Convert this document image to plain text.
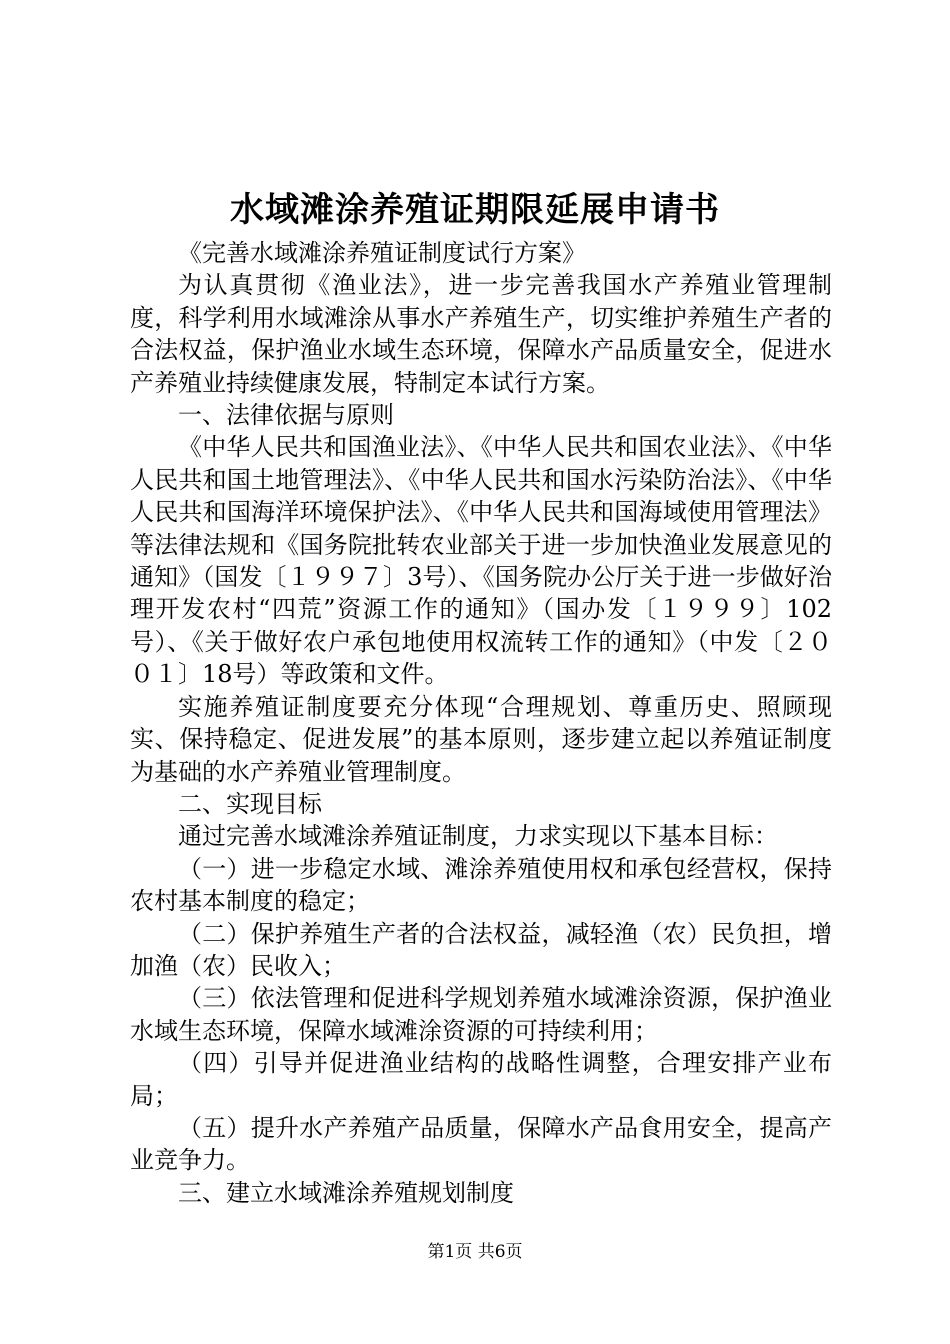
水域滩涂养殖证期限延展申请书

《完善水域滩涂养殖证制度试行方案》

为认真贯彻《渔业法》，进一步完善我国水产养殖业管理制度，科学利用水域滩涂从事水产养殖生产，切实维护养殖生产者的合法权益，保护渔业水域生态环境，保障水产品质量安全，促进水产养殖业持续健康发展，特制定本试行方案。

一、法律依据与原则

《中华人民共和国渔业法》、《中华人民共和国农业法》、《中华人民共和国土地管理法》、《中华人民共和国水污染防治法》、《中华人民共和国海洋环境保护法》、《中华人民共和国海域使用管理法》等法律法规和《国务院批转农业部关于进一步加快渔业发展意见的通知》（国发〔１９９７〕3号）、《国务院办公厅关于进一步做好治理开发农村“四荒”资源工作的通知》（国办发〔１９９９〕102号）、《关于做好农户承包地使用权流转工作的通知》（中发〔２００１〕18号）等政策和文件。

实施养殖证制度要充分体现“合理规划、尊重历史、照顾现实、保持稳定、促进发展”的基本原则，逐步建立起以养殖证制度为基础的水产养殖业管理制度。

二、实现目标

通过完善水域滩涂养殖证制度，力求实现以下基本目标：

（一）进一步稳定水域、滩涂养殖使用权和承包经营权，保持农村基本制度的稳定；

（二）保护养殖生产者的合法权益，减轻渔（农）民负担，增加渔（农）民收入；

（三）依法管理和促进科学规划养殖水域滩涂资源，保护渔业水域生态环境，保障水域滩涂资源的可持续利用；

（四）引导并促进渔业结构的战略性调整，合理安排产业布局；

（五）提升水产养殖产品质量，保障水产品食用安全，提高产业竞争力。

三、建立水域滩涂养殖规划制度

第1页 共6页
